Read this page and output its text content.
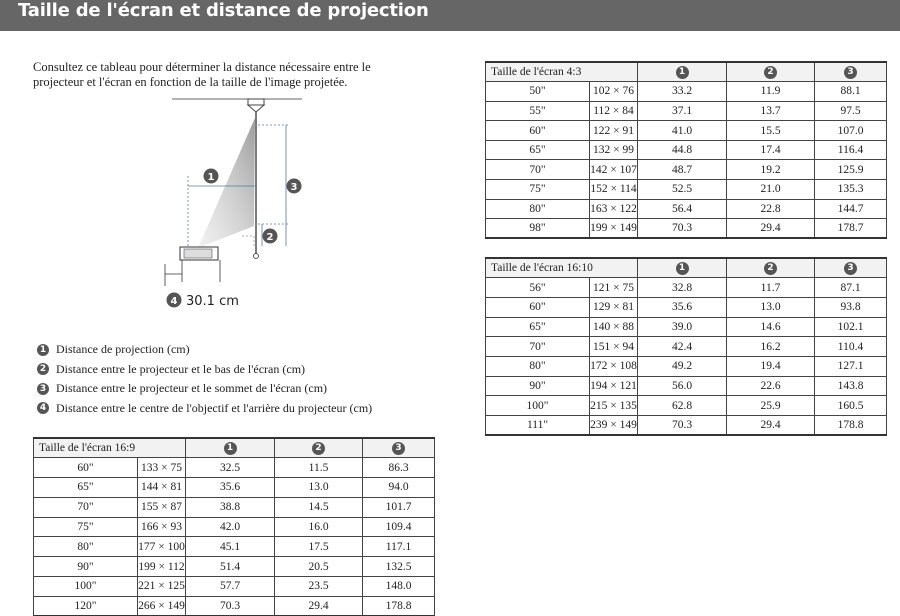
Taille de l'écran et distance de projection

Consultez ce tableau pour déterminer la distance nécessaire entre le projecteur et l'écran en fonction de la taille de l'image projetée.

1
2
3
4 30.1 cm
1 Distance de projection (cm)
2 Distance entre le projecteur et le bas de l'écran (cm)
3 Distance entre le projecteur et le sommet de l'écran (cm)
4 Distance entre le centre de l'objectif et l'arrière du projecteur (cm)
Taille de l'écran 4:3		1	2	3
50"	102 × 76	33.2	11.9	88.1
55"	112 × 84	37.1	13.7	97.5
60"	122 × 91	41.0	15.5	107.0
65"	132 × 99	44.8	17.4	116.4
70"	142 × 107	48.7	19.2	125.9
75"	152 × 114	52.5	21.0	135.3
80"	163 × 122	56.4	22.8	144.7
98"	199 × 149	70.3	29.4	178.7
Taille de l'écran 16:10		1	2	3
56"	121 × 75	32.8	11.7	87.1
60"	129 × 81	35.6	13.0	93.8
65"	140 × 88	39.0	14.6	102.1
70"	151 × 94	42.4	16.2	110.4
80"	172 × 108	49.2	19.4	127.1
90"	194 × 121	56.0	22.6	143.8
100"	215 × 135	62.8	25.9	160.5
111"	239 × 149	70.3	29.4	178.8
Taille de l'écran 16:9		1	2	3
60"	133 × 75	32.5	11.5	86.3
65"	144 × 81	35.6	13.0	94.0
70"	155 × 87	38.8	14.5	101.7
75"	166 × 93	42.0	16.0	109.4
80"	177 × 100	45.1	17.5	117.1
90"	199 × 112	51.4	20.5	132.5
100"	221 × 125	57.7	23.5	148.0
120"	266 × 149	70.3	29.4	178.8
